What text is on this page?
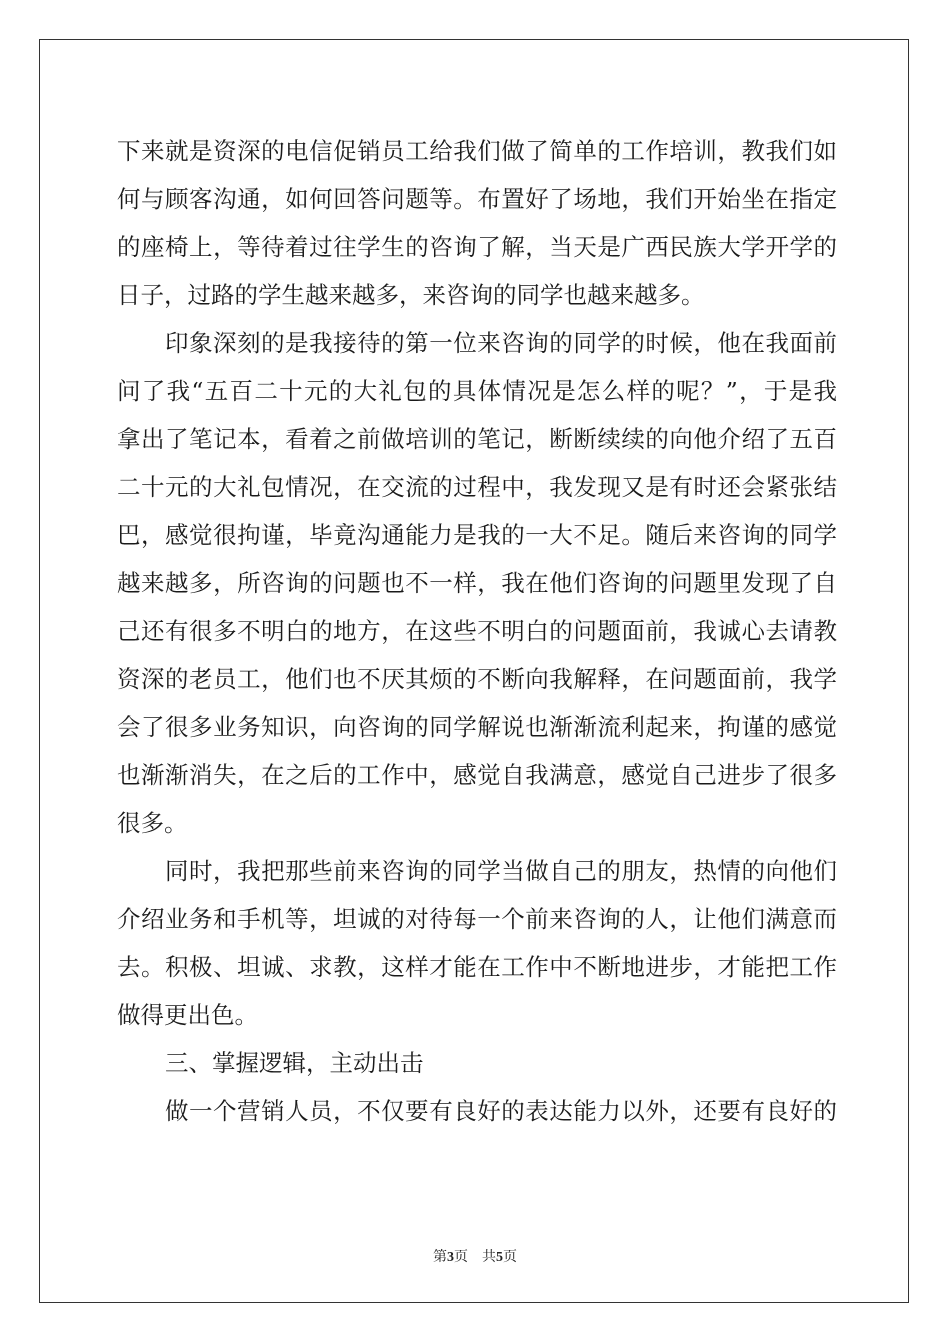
下来就是资深的电信促销员工给我们做了简单的工作培训，教我们如
何与顾客沟通，如何回答问题等。布置好了场地，我们开始坐在指定
的座椅上，等待着过往学生的咨询了解，当天是广西民族大学开学的
日子，过路的学生越来越多，来咨询的同学也越来越多。
印象深刻的是我接待的第一位来咨询的同学的时候，他在我面前
问了我“五百二十元的大礼包的具体情况是怎么样的呢？”，于是我
拿出了笔记本，看着之前做培训的笔记，断断续续的向他介绍了五百
二十元的大礼包情况，在交流的过程中，我发现又是有时还会紧张结
巴，感觉很拘谨，毕竟沟通能力是我的一大不足。随后来咨询的同学
越来越多，所咨询的问题也不一样，我在他们咨询的问题里发现了自
己还有很多不明白的地方，在这些不明白的问题面前，我诚心去请教
资深的老员工，他们也不厌其烦的不断向我解释，在问题面前，我学
会了很多业务知识，向咨询的同学解说也渐渐流利起来，拘谨的感觉
也渐渐消失，在之后的工作中，感觉自我满意，感觉自己进步了很多
很多。
同时，我把那些前来咨询的同学当做自己的朋友，热情的向他们
介绍业务和手机等，坦诚的对待每一个前来咨询的人，让他们满意而
去。积极、坦诚、求教，这样才能在工作中不断地进步，才能把工作
做得更出色。
三、掌握逻辑，主动出击
做一个营销人员，不仅要有良好的表达能力以外，还要有良好的
第3页 共5页
